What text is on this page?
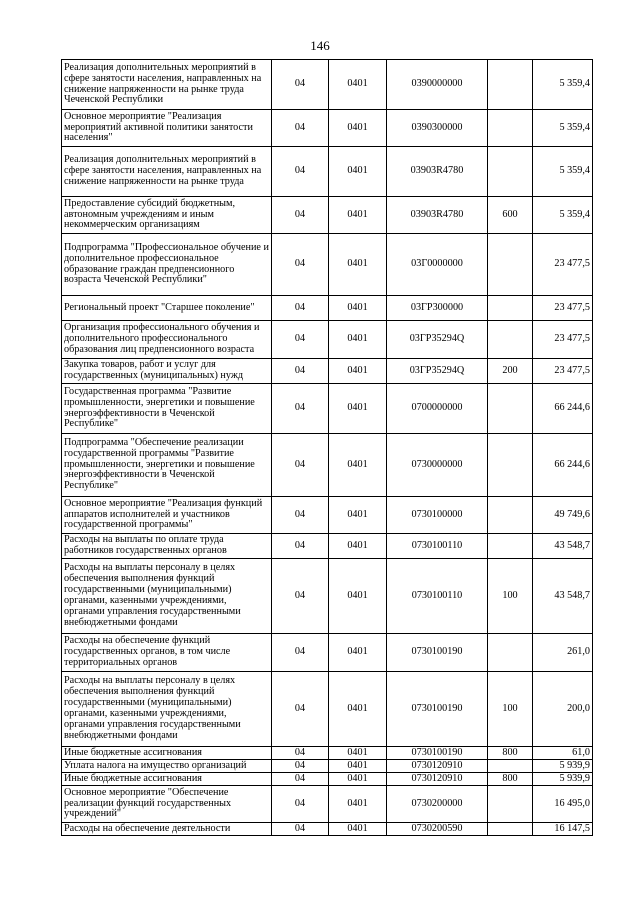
146
Реализация дополнительных мероприятий в сфере занятости населения, направленных на снижение напряженности на рынке труда Чеченской Республики	04	0401	0390000000		5 359,4
Основное мероприятие "Реализация мероприятий активной политики занятости населения"	04	0401	0390300000		5 359,4
Реализация дополнительных мероприятий в сфере занятости населения, направленных на снижение напряженности на рынке труда	04	0401	03903R4780		5 359,4
Предоставление субсидий бюджетным, автономным учреждениям и иным некоммерческим организациям	04	0401	03903R4780	600	5 359,4
Подпрограмма "Профессиональное обучение и дополнительное профессиональное образование граждан предпенсионного возраста Чеченской Республики"	04	0401	03Г0000000		23 477,5
Региональный проект "Старшее поколение"	04	0401	03ГР300000		23 477,5
Организация профессионального обучения и дополнительного профессионального образования лиц предпенсионного возраста	04	0401	03ГР35294Q		23 477,5
Закупка товаров, работ и услуг для государственных (муниципальных) нужд	04	0401	03ГР35294Q	200	23 477,5
Государственная программа "Развитие промышленности, энергетики и повышение энергоэффективности в Чеченской Республике"	04	0401	0700000000		66 244,6
Подпрограмма "Обеспечение реализации государственной программы "Развитие промышленности, энергетики и повышение энергоэффективности в Чеченской Республике"	04	0401	0730000000		66 244,6
Основное мероприятие "Реализация функций аппаратов исполнителей и участников государственной программы"	04	0401	0730100000		49 749,6
Расходы на выплаты по оплате труда работников государственных органов	04	0401	0730100110		43 548,7
Расходы на выплаты персоналу в целях обеспечения выполнения функций государственными (муниципальными) органами, казенными учреждениями, органами управления государственными внебюджетными фондами	04	0401	0730100110	100	43 548,7
Расходы на обеспечение функций государственных органов, в том числе территориальных органов	04	0401	0730100190		261,0
Расходы на выплаты персоналу в целях обеспечения выполнения функций государственными (муниципальными) органами, казенными учреждениями, органами управления государственными внебюджетными фондами	04	0401	0730100190	100	200,0
Иные бюджетные ассигнования	04	0401	0730100190	800	61,0
Уплата налога на имущество организаций	04	0401	0730120910		5 939,9
Иные бюджетные ассигнования	04	0401	0730120910	800	5 939,9
Основное мероприятие "Обеспечение реализации функций государственных учреждений"	04	0401	0730200000		16 495,0
Расходы на обеспечение деятельности	04	0401	0730200590		16 147,5
